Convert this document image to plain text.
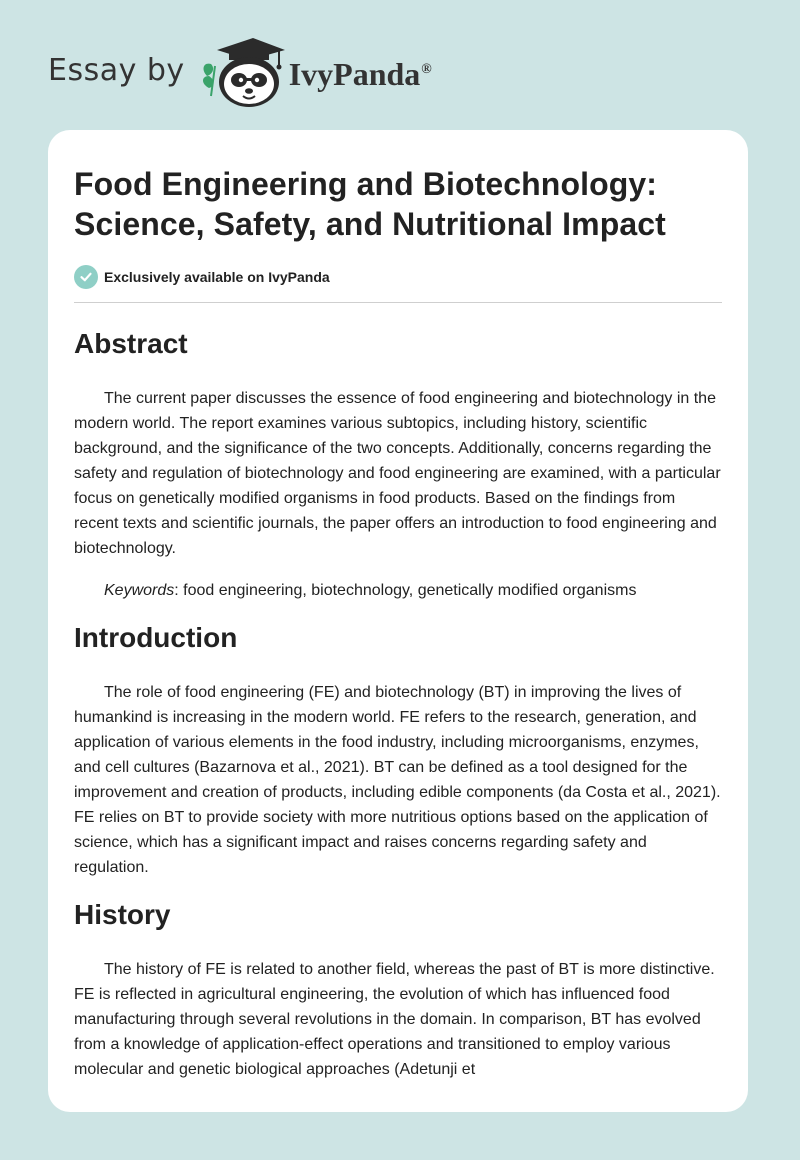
Essay by	IvyPanda®
Food Engineering and Biotechnology:
Science, Safety, and Nutritional Impact
Exclusively available on IvyPanda
Abstract

The current paper discusses the essence of food engineering and biotechnology in the modern world. The report examines various subtopics, including history, scientific background, and the significance of the two concepts. Additionally, concerns regarding the safety and regulation of biotechnology and food engineering are examined, with a particular focus on genetically modified organisms in food products. Based on the findings from recent texts and scientific journals, the paper offers an introduction to food engineering and biotechnology.

Keywords: food engineering, biotechnology, genetically modified organisms

Introduction

The role of food engineering (FE) and biotechnology (BT) in improving the lives of humankind is increasing in the modern world. FE refers to the research, generation, and application of various elements in the food industry, including microorganisms, enzymes, and cell cultures (Bazarnova et al., 2021). BT can be defined as a tool designed for the improvement and creation of products, including edible components (da Costa et al., 2021). FE relies on BT to provide society with more nutritious options based on the application of science, which has a significant impact and raises concerns regarding safety and regulation.

History

The history of FE is related to another field, whereas the past of BT is more distinctive. FE is reflected in agricultural engineering, the evolution of which has influenced food manufacturing through several revolutions in the domain. In comparison, BT has evolved from a knowledge of application-effect operations and transitioned to employ various molecular and genetic biological approaches (Adetunji et
